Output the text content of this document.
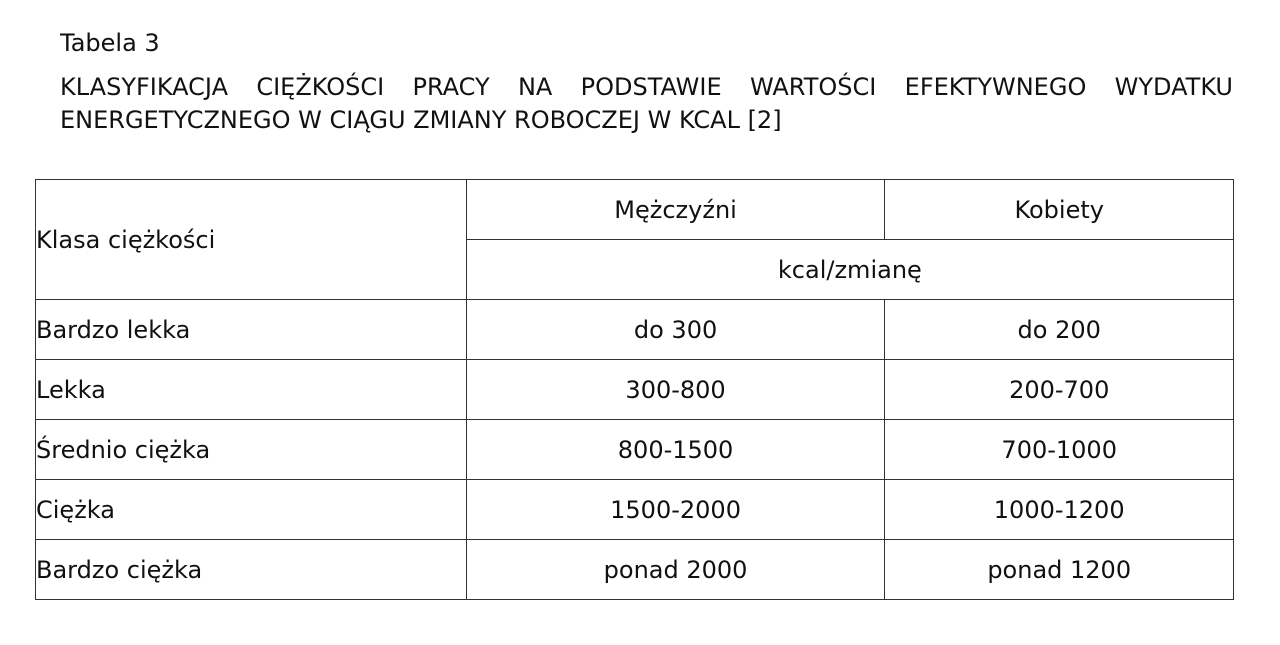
Tabela 3

KLASYFIKACJA CIĘŻKOŚCI PRACY NA PODSTAWIE WARTOŚCI EFEKTYWNEGO WYDATKU ENERGETYCZNEGO W CIĄGU ZMIANY ROBOCZEJ W KCAL [2]

Klasa ciężkości	Mężczyźni	Kobiety
	kcal/zmianę	
Bardzo lekka	do 300	do 200
Lekka	300-800	200-700
Średnio ciężka	800-1500	700-1000
Ciężka	1500-2000	1000-1200
Bardzo ciężka	ponad 2000	ponad 1200
